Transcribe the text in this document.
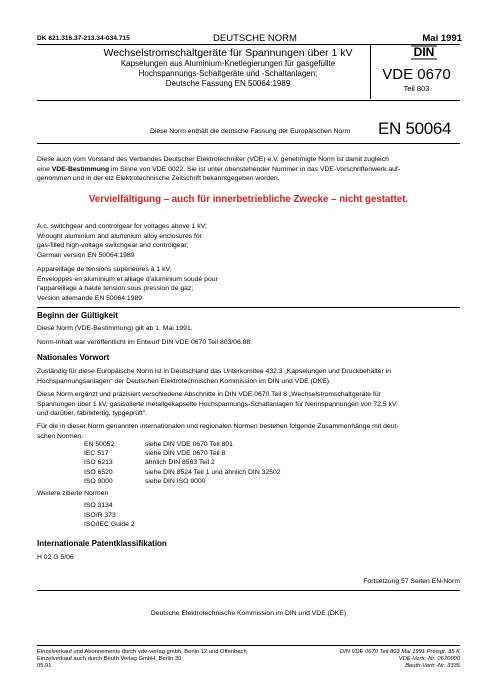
DK 621.316.37-213.34-034.715	DEUTSCHE NORM	Mai 1991
Wechselstromschaltgeräte für Spannungen über 1 kV
Kapselungen aus Aluminium-Knetlegierungen für gasgefüllte
Hochspannungs-Schaltgeräte und -Schaltanlagen;
Deutsche Fassung EN 50064:1989
DIN
VDE 0670
Teil 803
Diese Norm enthält die deutsche Fassung der Europäischen Norm EN 50064
Diese auch vom Vorstand des Verbandes Deutscher Elektrotechniker (VDE) e.V. genehmigte Norm ist damit zugleich
eine VDE-Bestimmung im Sinne von VDE 0022. Sie ist unter obenstehender Nummer in das VDE-Vorschriftenwerk auf-
genommen und in der etz Elektrotechnische Zeitschrift bekanntgegeben worden.
Vervielfältigung – auch für innerbetriebliche Zwecke – nicht gestattet.
A.c. switchgear and controlgear for voltages above 1 kV;
Wrought aluminium and aluminium alloy enclosures for
gas-filled high-voltage switchgear and controlgear;
German version EN 50064:1989
Appareillage de tensions supérieures à 1 kV;
Enveloppes en aluminium et alliage d'aluminium soudé pour
l'appareillage à haute tension sous pression de gaz;
Version allemande EN 50064:1989
Beginn der Gültigkeit
Diese Norm (VDE-Bestimmung) gilt ab 1. Mai 1991.
Norm-Inhalt war veröffentlicht im Entwurf DIN VDE 0670 Teil 803/06.88.
Nationales Vorwort
Zuständig für diese Europäische Norm ist in Deutschland das Unterkomitee 432.3 „Kapselungen und Druckbehälter in
Hochspannungsanlagen“ der Deutschen Elektrotechnischen Kommission im DIN und VDE (DKE).
Diese Norm ergänzt und präzisiert verschiedene Abschnitte in DIN VDE 0670 Teil 8 „Wechselstromschaltgeräte für
Spannungen über 1 kV, gasisolierte metallgekapselte Hochspannungs-Schaltanlagen für Nennspannungen von 72,5 kV
und darüber, fabrikfertig, typgeprüft“.
Für die in dieser Norm genannten internationalen und regionalen Normen bestehen folgende Zusammenhänge mit deut-
schen Normen:
EN 50052	siehe DIN VDE 0670 Teil 801
IEC 517	siehe DIN VDE 0670 Teil 8
ISO 6213	ähnlich DIN 8563 Teil 2
ISO 6520	siehe DIN 8524 Teil 1 und ähnlich DIN 32502
ISO 9000	siehe DIN ISO 9000
Weitere zitierte Normen
ISO 3134
ISO/R 373
ISO/IEC Guide 2
Internationale Patentklassifikation
H 02 G 5/06
Fortsetzung 57 Seiten EN-Norm
Deutsche Elektrotechnische Kommission im DIN und VDE (DKE)
Einzelverkauf und Abonnements durch vde-verlag gmbh, Berlin 12 und Offenbach
Einzelverkauf auch durch Beuth Verlag GmbH, Berlin 30
05.91
DIN VDE 0670 Teil 803 Mai 1991 Preisgr. 35 K
VDE-Vertr.-Nr. 0670000
Beuth-Vertr.-Nr. 3335
